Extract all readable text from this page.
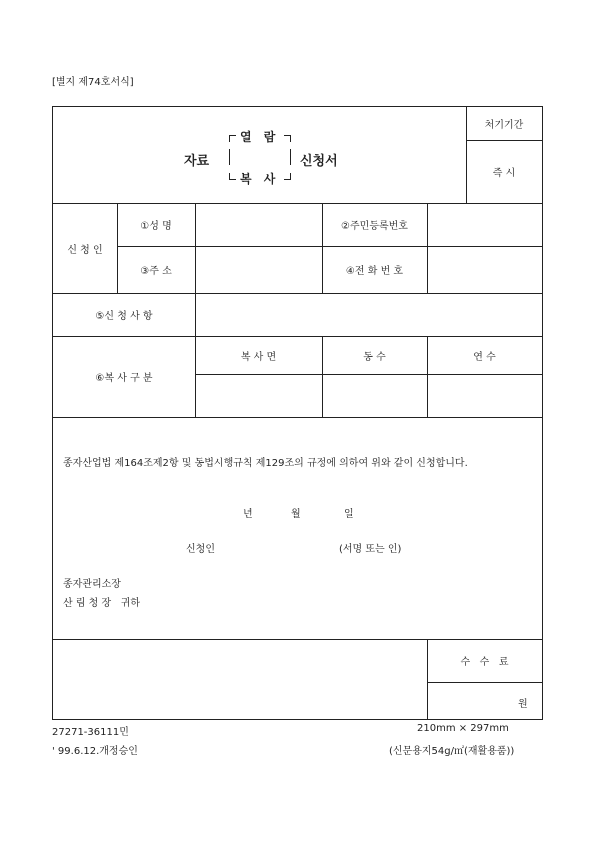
[별지 제74호서식]
처기기간
즉 시
자료
열 람
복 사
신청서
신 청 인
①성 명	②주민등록번호
③주 소	④전 화 번 호
⑤신 청 사 항
⑥복 사 구 분
복 사 면	동 수	연 수
종자산업법 제164조제2항 및 동법시행규칙 제129조의 규정에 의하여 위와 같이 신청합니다.
년	월	일
신청인	(서명 또는 인)
종자관리소장
산 림 청 장   귀하
수   수   료
원
27271-36111민	210mm × 297mm
' 99.6.12.개정승인	(신문용지54g/㎡(재활용품))
